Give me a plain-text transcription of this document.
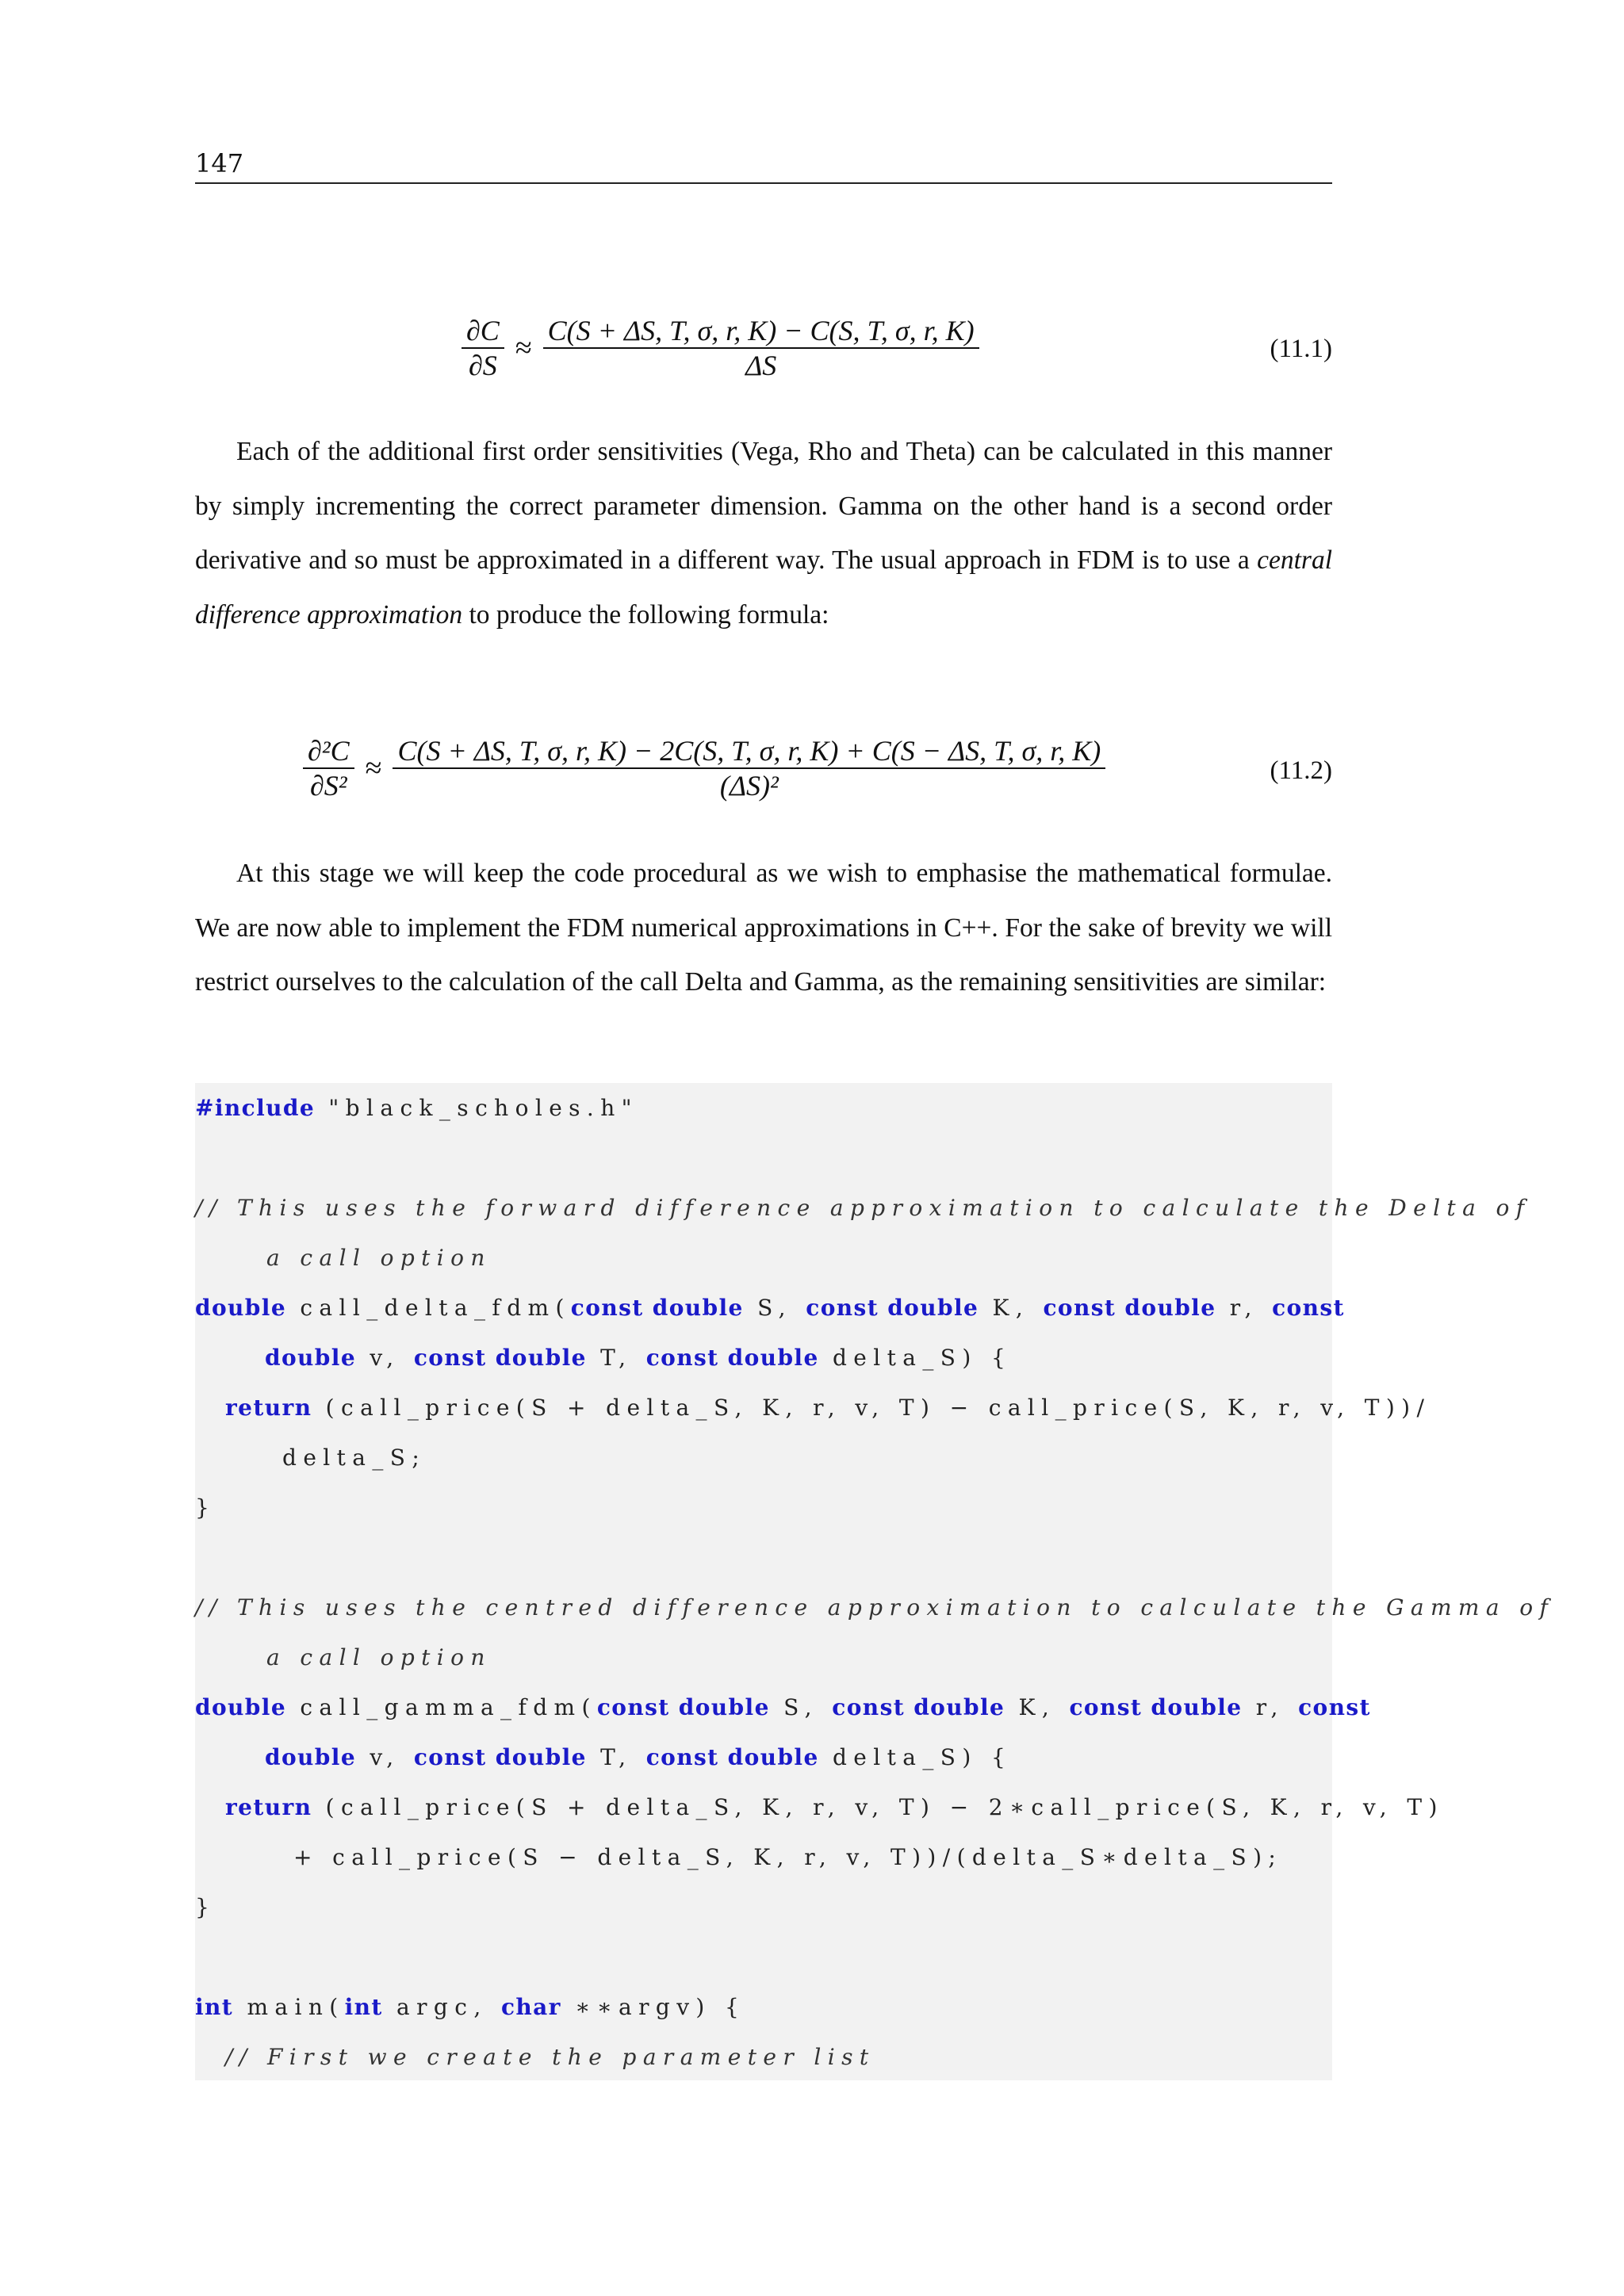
147
$\frac{\partial C}{\partial S} \approx \frac{C(S + \Delta S, T, \sigma, r, K) - C(S, T, \sigma, r, K)}{\Delta S}$	(11.1)

Each of the additional first order sensitivities (Vega, Rho and Theta) can be calculated in this manner by simply incrementing the correct parameter dimension. Gamma on the other hand is a second order derivative and so must be approximated in a different way. The usual approach in FDM is to use a central difference approximation to produce the following formula:

$\frac{\text{∂²C}}{\text{∂S²}}$ ≈
C(S + ΔS, T, σ, r, K) − 2C(S, T, σ, r, K) + C(S − ΔS, T, σ, r, K)
(ΔS)²	(11.2)

At this stage we will keep the code procedural as we wish to emphasise the mathematical formulae. We are now able to implement the FDM numerical approximations in C++. For the sake of brevity we will restrict ourselves to the calculation of the call Delta and Gamma, as the remaining sensitivities are similar:

#include "black_scholes.h"
// This uses the forward difference approximation to calculate the Delta of
a call option
double call_delta_fdm(const double S, const double K, const double r, const
double v, const double T, const double delta_S) {
return (call_price(S + delta_S, K, r, v, T) − call_price(S, K, r, v, T))/
delta_S;
}
// This uses the centred difference approximation to calculate the Gamma of
a call option
double call_gamma_fdm(const double S, const double K, const double r, const
double v, const double T, const double delta_S) {
return (call_price(S + delta_S, K, r, v, T) − 2∗call_price(S, K, r, v, T)
+ call_price(S − delta_S, K, r, v, T))/(delta_S∗delta_S);
}
int main(int argc, char ∗∗argv) {
// First we create the parameter list
